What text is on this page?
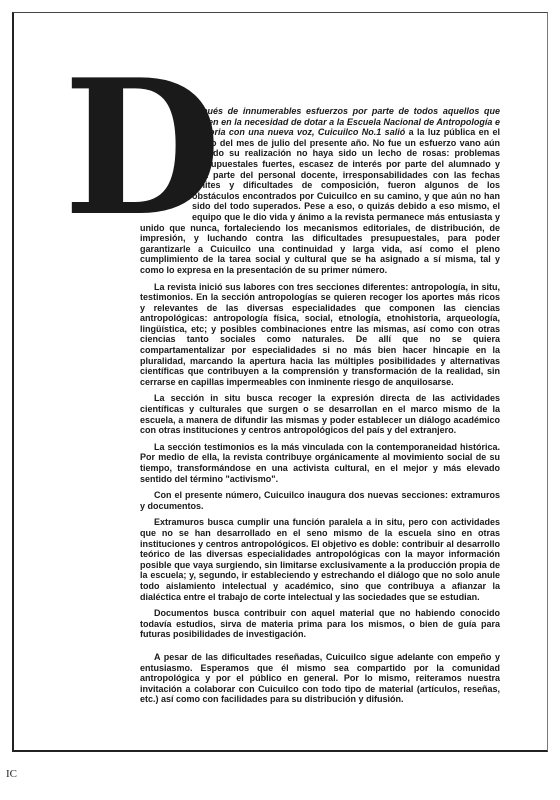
D

espués de innumerables esfuerzos por parte de todos aquellos que creíen en la necesidad de dotar a la Escuela Nacional de Antropología e Historia con una nueva voz, Cuicuilco No.1 salió a la luz pública en el curso del mes de julio del presente año. No fue un esfuerzo vano aún cuando su realización no haya sido un lecho de rosas: problemas presupuestales fuertes, escasez de interés por parte del alumnado y una parte del personal docente, irresponsabilidades con las fechas límites y dificultades de composición, fueron algunos de los obstáculos encontrados por Cuicuilco en su camino, y que aún no han sido del todo superados. Pese a eso, o quizás debido a eso mismo, el equipo que le dio vida y ánimo a la revista permanece más entusiasta y unido que nunca, fortaleciendo los mecanismos editoriales, de distribución, de impresión, y luchando contra las dificultades presupuestales, para poder garantizarle a Cuicuilco una continuidad y larga vida, así como el pleno cumplimiento de la tarea social y cultural que se ha asignado a sí misma, tal y como lo expresa en la presentación de su primer número.

La revista inició sus labores con tres secciones diferentes: antropología, in situ, testimonios. En la sección antropologías se quieren recoger los aportes más ricos y relevantes de las diversas especialidades que componen las ciencias antropológicas: antropología física, social, etnología, etnohistoria, arqueología, lingüística, etc; y posibles combinaciones entre las mismas, así como con otras ciencias tanto sociales como naturales. De allí que no se quiera compartamentalizar por especialidades si no más bien hacer hincapie en la pluralidad, marcando la apertura hacia las múltiples posibilidades y alternativas científicas que contribuyen a la comprensión y transformación de la realidad, sin cerrarse en capillas impermeables con inminente riesgo de anquilosarse.

La sección in situ busca recoger la expresión directa de las actividades científicas y culturales que surgen o se desarrollan en el marco mismo de la escuela, a manera de difundir las mismas y poder establecer un diálogo académico con otras instituciones y centros antropológicos del país y del extranjero.

La sección testimonios es la más vinculada con la contemporaneidad histórica. Por medio de ella, la revista contribuye orgánicamente al movimiento social de su tiempo, transformándose en una activista cultural, en el mejor y más elevado sentido del término "activismo".

Con el presente número, Cuicuilco inaugura dos nuevas secciones: extramuros y documentos.

Extramuros busca cumplir una función paralela a in situ, pero con actividades que no se han desarrollado en el seno mismo de la escuela sino en otras instituciones y centros antropológicos. El objetivo es doble: contribuir al desarrollo teórico de las diversas especialidades antropológicas con la mayor información posible que vaya surgiendo, sin limitarse exclusivamente a la producción propia de la escuela; y, segundo, ir estableciendo y estrechando el diálogo que no solo anule todo aislamiento intelectual y académico, sino que contribuya a afianzar la dialéctica entre el trabajo de corte intelectual y las sociedades que se estudian.

Documentos busca contribuir con aquel material que no habiendo conocido todavía estudios, sirva de materia prima para los mismos, o bien de guía para futuras posibilidades de investigación.

A pesar de las dificultades reseñadas, Cuicuilco sigue adelante con empeño y entusiasmo. Esperamos que él mismo sea compartido por la comunidad antropológica y por el público en general. Por lo mismo, reiteramos nuestra invitación a colaborar con Cuicuilco con todo tipo de material (artículos, reseñas, etc.) así como con facilidades para su distribución y difusión.

IC
